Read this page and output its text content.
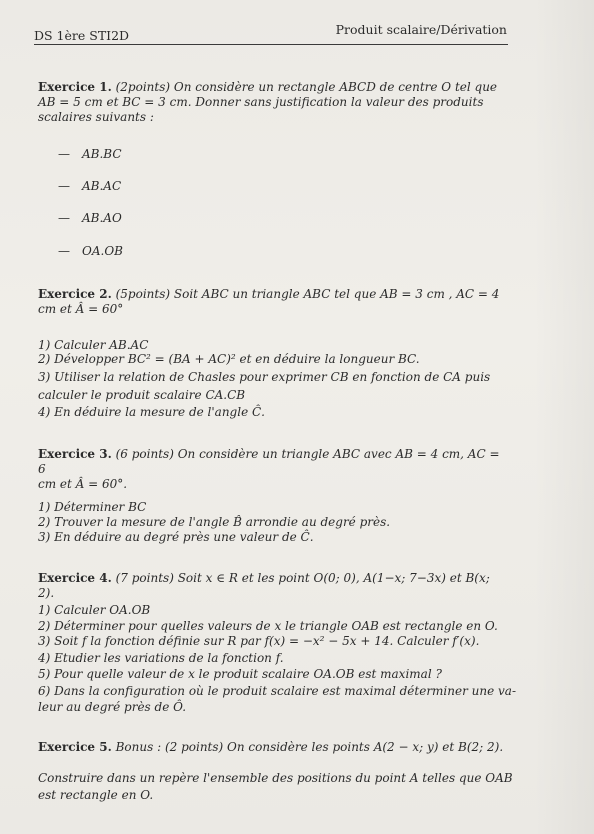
DS 1ère STI2D	Produit scalaire/Dérivation
Exercice 1. (2points) On considère un rectangle ABCD de centre O tel que
AB = 5 cm et BC = 3 cm. Donner sans justification la valeur des produits
scalaires suivants :
— AB.BC
— AB.AC
— AB.AO
— OA.OB
Exercice 2. (5points) Soit ABC un triangle ABC tel que AB = 3 cm , AC = 4
cm et Â = 60°
1) Calculer AB.AC
2) Développer BC² = (BA + AC)² et en déduire la longueur BC.
3) Utiliser la relation de Chasles pour exprimer CB en fonction de CA puis
calculer le produit scalaire CA.CB
4) En déduire la mesure de l'angle Ĉ.
Exercice 3. (6 points) On considère un triangle ABC avec AB = 4 cm, AC = 6
cm et Â = 60°.
1) Déterminer BC
2) Trouver la mesure de l'angle B̂ arrondie au degré près.
3) En déduire au degré près une valeur de Ĉ.
Exercice 4. (7 points) Soit x ∈ R et les point O(0; 0), A(1−x; 7−3x) et B(x; 2).
1) Calculer OA.OB
2) Déterminer pour quelles valeurs de x le triangle OAB est rectangle en O.
3) Soit f la fonction définie sur R par f(x) = −x² − 5x + 14. Calculer f′(x).
4) Etudier les variations de la fonction f.
5) Pour quelle valeur de x le produit scalaire OA.OB est maximal ?
6) Dans la configuration où le produit scalaire est maximal déterminer une va-
leur au degré près de Ô.
Exercice 5. Bonus : (2 points) On considère les points A(2 − x; y) et B(2; 2).
Construire dans un repère l'ensemble des positions du point A telles que OAB
est rectangle en O.
